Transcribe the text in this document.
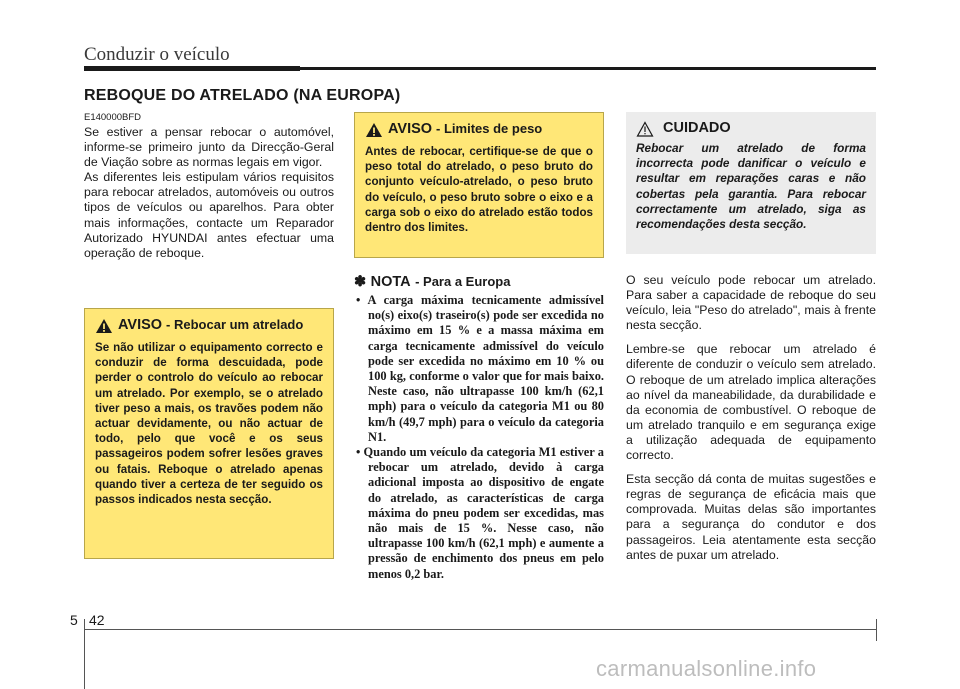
Conduzir o veículo
REBOQUE DO ATRELADO (NA EUROPA)
E140000BFD

Se estiver a pensar rebocar o automóvel, informe-se primeiro junto da Direcção-Geral de Viação sobre as normas legais em vigor.

As diferentes leis estipulam vários requisitos para rebocar atrelados, automóveis ou outros tipos de veículos ou aparelhos. Para obter mais informações, contacte um Reparador Autorizado HYUNDAI antes efectuar uma operação de reboque.

AVISO - Rebocar um atrelado
Se não utilizar o equipamento correcto e conduzir de forma descuidada, pode perder o controlo do veículo ao rebocar um atrelado. Por exemplo, se o atrelado tiver peso a mais, os travões podem não actuar devidamente, ou não actuar de todo, pelo que você e os seus passageiros podem sofrer lesões graves ou fatais. Reboque o atrelado apenas quando tiver a certeza de ter seguido os passos indicados nesta secção.
AVISO - Limites de peso
Antes de rebocar, certifique-se de que o peso total do atrelado, o peso bruto do conjunto veículo-atrelado, o peso bruto do veículo, o peso bruto sobre o eixo e a carga sob o eixo do atrelado estão todos dentro dos limites.
CUIDADO
Rebocar um atrelado de forma incorrecta pode danificar o veículo e resultar em reparações caras e não cobertas pela garantia. Para rebocar correctamente um atrelado, siga as recomendações desta secção.
✽ NOTA - Para a Europa
• A carga máxima tecnicamente admissível no(s) eixo(s) traseiro(s) pode ser excedida no máximo em 15 % e a massa máxima em carga tecnicamente admissível do veículo pode ser excedida no máximo em 10 % ou 100 kg, conforme o valor que for mais baixo. Neste caso, não ultrapasse 100 km/h (62,1 mph) para o veículo da categoria M1 ou 80 km/h (49,7 mph) para o veículo da categoria N1.
• Quando um veículo da categoria M1 estiver a rebocar um atrelado, devido à carga adicional imposta ao dispositivo de engate do atrelado, as características de carga máxima do pneu podem ser excedidas, mas não mais de 15 %. Nesse caso, não ultrapasse 100 km/h (62,1 mph) e aumente a pressão de enchimento dos pneus em pelo menos 0,2 bar.

O seu veículo pode rebocar um atrelado. Para saber a capacidade de reboque do seu veículo, leia "Peso do atrelado", mais à frente nesta secção.

Lembre-se que rebocar um atrelado é diferente de conduzir o veículo sem atrelado. O reboque de um atrelado implica alterações ao nível da maneabilidade, da durabilidade e da economia de combustível. O reboque de um atrelado tranquilo e em segurança exige a utilização adequada de equipamento correcto.

Esta secção dá conta de muitas sugestões e regras de segurança de eficácia mais que comprovada. Muitas delas são importantes para a segurança do condutor e dos passageiros. Leia atentamente esta secção antes de puxar um atrelado.

5 42
carmanualsonline.info
